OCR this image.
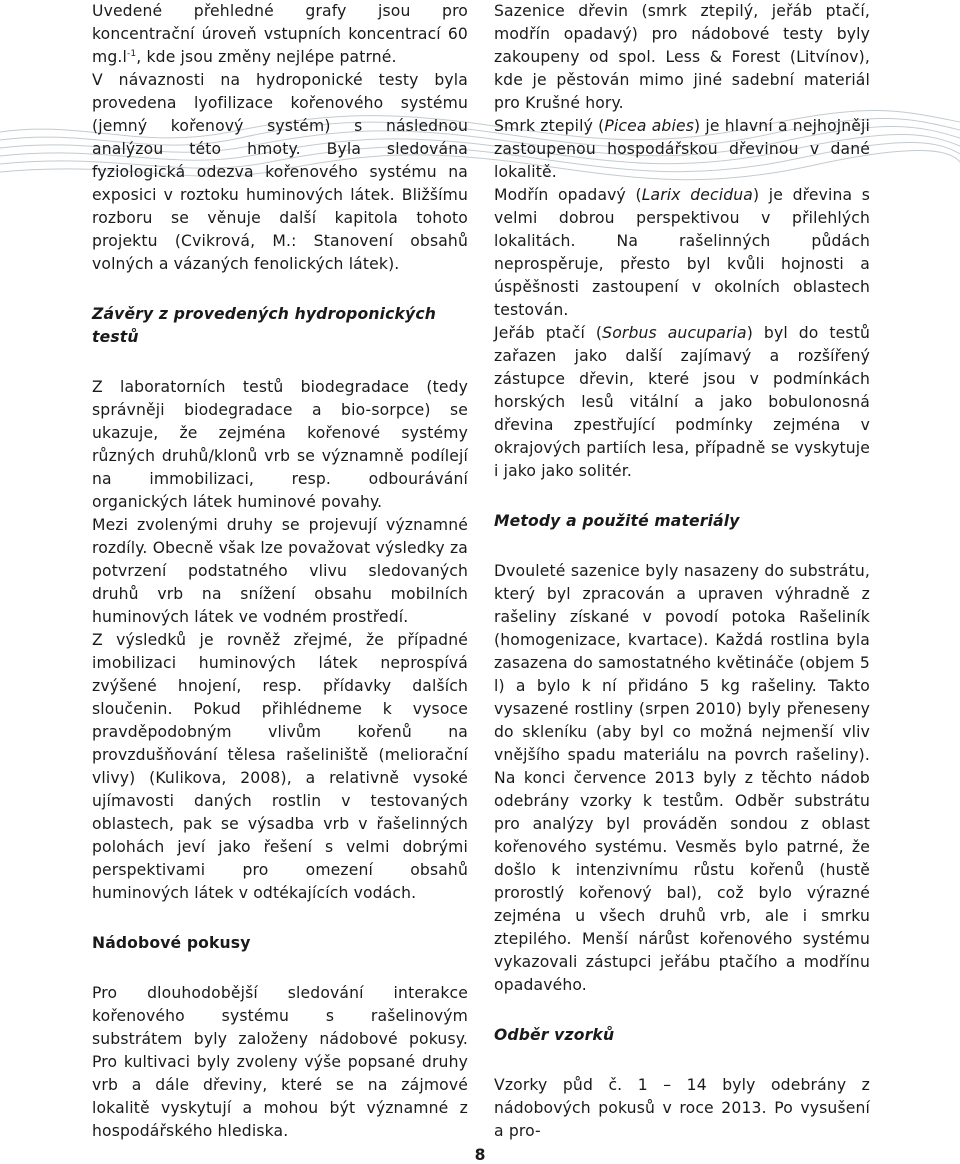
Uvedené přehledné grafy jsou pro koncentrační úroveň vstupních koncentrací 60 $mg.l^{-1}$, kde jsou změny nejlépe patrné.

V návaznosti na hydroponické testy byla provedena lyofilizace kořenového systému (jemný kořenový systém) s následnou analýzou této hmoty. Byla sledována fyziologická odezva kořenového systému na exposici v roztoku huminových látek. Bližšímu rozboru se věnuje další kapitola tohoto projektu (Cvikrová, M.: Stanovení obsahů volných a vázaných fenolických látek).

Závěry z provedených hydroponických testů

Z laboratorních testů biodegradace (tedy správněji biodegradace a bio-sorpce) se ukazuje, že zejména kořenové systémy různých druhů/klonů vrb se významně podílejí na immobilizaci, resp. odbourávání organických látek huminové povahy.

Mezi zvolenými druhy se projevují významné rozdíly. Obecně však lze považovat výsledky za potvrzení podstatného vlivu sledovaných druhů vrb na snížení obsahu mobilních huminových látek ve vodném prostředí.

Z výsledků je rovněž zřejmé, že případné imobilizaci huminových látek neprospívá zvýšené hnojení, resp. přídavky dalších sloučenin. Pokud přihlédneme k vysoce pravděpodobným vlivům kořenů na provzdušňování tělesa rašeliniště (meliorační vlivy) (Kulikova, 2008), a relativně vysoké ujímavosti daných rostlin v testovaných oblastech, pak se výsadba vrb v řašelinných polohách jeví jako řešení s velmi dobrými perspektivami pro omezení obsahů huminových látek v odtékajících vodách.

Nádobové pokusy

Pro dlouhodobější sledování interakce kořenového systému s rašelinovým substrátem byly založeny nádobové pokusy. Pro kultivaci byly zvoleny výše popsané druhy vrb a dále dřeviny, které se na zájmové lokalitě vyskytují a mohou být významné z hospodářského hlediska.

Sazenice dřevin (smrk ztepilý, jeřáb ptačí, modřín opadavý) pro nádobové testy byly zakoupeny od spol. Less & Forest (Litvínov), kde je pěstován mimo jiné sadební materiál pro Krušné hory.

Smrk ztepilý (Picea abies) je hlavní a nejhojněji zastoupenou hospodářskou dřevinou v dané lokalitě.

Modřín opadavý (Larix decidua) je dřevina s velmi dobrou perspektivou v přilehlých lokalitách. Na rašelinných půdách neprospěruje, přesto byl kvůli hojnosti a úspěšnosti zastoupení v okolních oblastech testován.

Jeřáb ptačí (Sorbus aucuparia) byl do testů zařazen jako další zajímavý a rozšířený zástupce dřevin, které jsou v podmínkách horských lesů vitální a jako bobulonosná dřevina zpestřující podmínky zejména v okrajových partiích lesa, případně se vyskytuje i jako jako solitér.

Metody a použité materiály

Dvouleté sazenice byly nasazeny do substrátu, který byl zpracován a upraven výhradně z rašeliny získané v povodí potoka Rašeliník (homogenizace, kvartace). Každá rostlina byla zasazena do samostatného květináče (objem 5 l) a bylo k ní přidáno 5 kg rašeliny. Takto vysazené rostliny (srpen 2010) byly přeneseny do skleníku (aby byl co možná nejmenší vliv vnějšího spadu materiálu na povrch rašeliny). Na konci července 2013 byly z těchto nádob odebrány vzorky k testům. Odběr substrátu pro analýzy byl prováděn sondou z oblast kořenového systému. Vesměs bylo patrné, že došlo k intenzivnímu růstu kořenů (hustě prorostlý kořenový bal), což bylo výrazné zejména u všech druhů vrb, ale i smrku ztepilého. Menší nárůst kořenového systému vykazovali zástupci jeřábu ptačího a modřínu opadavého.

Odběr vzorků

Vzorky půd č. 1 – 14 byly odebrány z nádobových pokusů v roce 2013. Po vysušení a pro-

8
